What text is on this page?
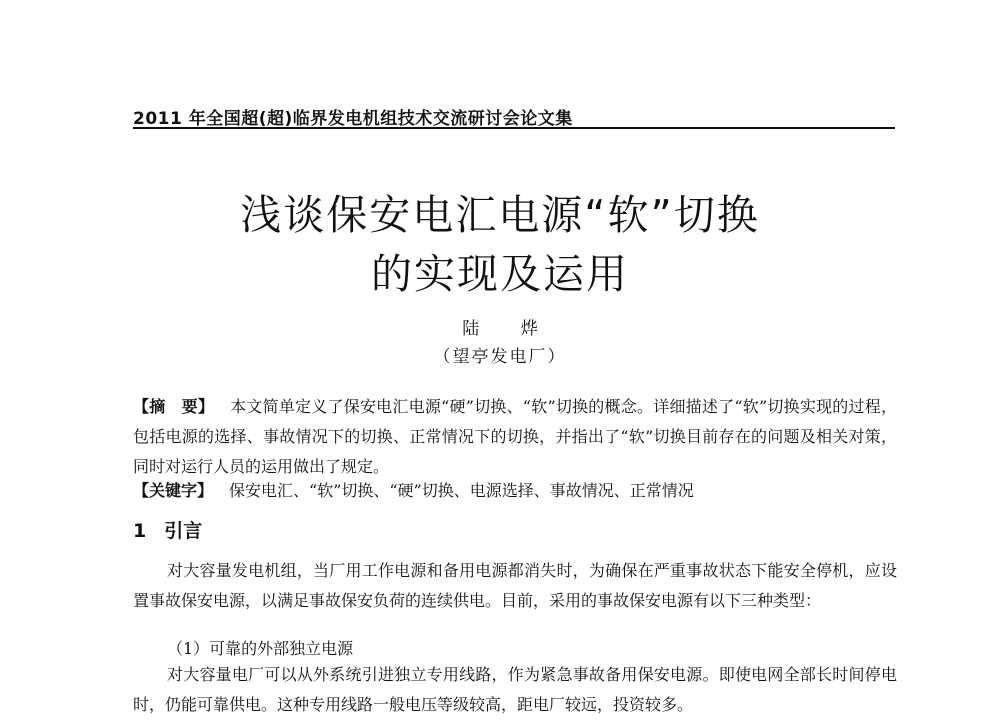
2011 年全国超(超)临界发电机组技术交流研讨会论文集
浅谈保安电汇电源“软”切换
的实现及运用
陆 烨
（望亭发电厂）
【摘　要】 本文简单定义了保安电汇电源“硬”切换、“软”切换的概念。详细描述了“软”切换实现的过程，包括电源的选择、事故情况下的切换、正常情况下的切换，并指出了“软”切换目前存在的问题及相关对策，同时对运行人员的运用做出了规定。
【关键字】 保安电汇、“软”切换、“硬”切换、电源选择、事故情况、正常情况
1 引言
对大容量发电机组，当厂用工作电源和备用电源都消失时，为确保在严重事故状态下能安全停机，应设置事故保安电源，以满足事故保安负荷的连续供电。目前，采用的事故保安电源有以下三种类型：
（1）可靠的外部独立电源
对大容量电厂可以从外系统引进独立专用线路，作为紧急事故备用保安电源。即使电网全部长时间停电时，仍能可靠供电。这种专用线路一般电压等级较高，距电厂较远，投资较多。
